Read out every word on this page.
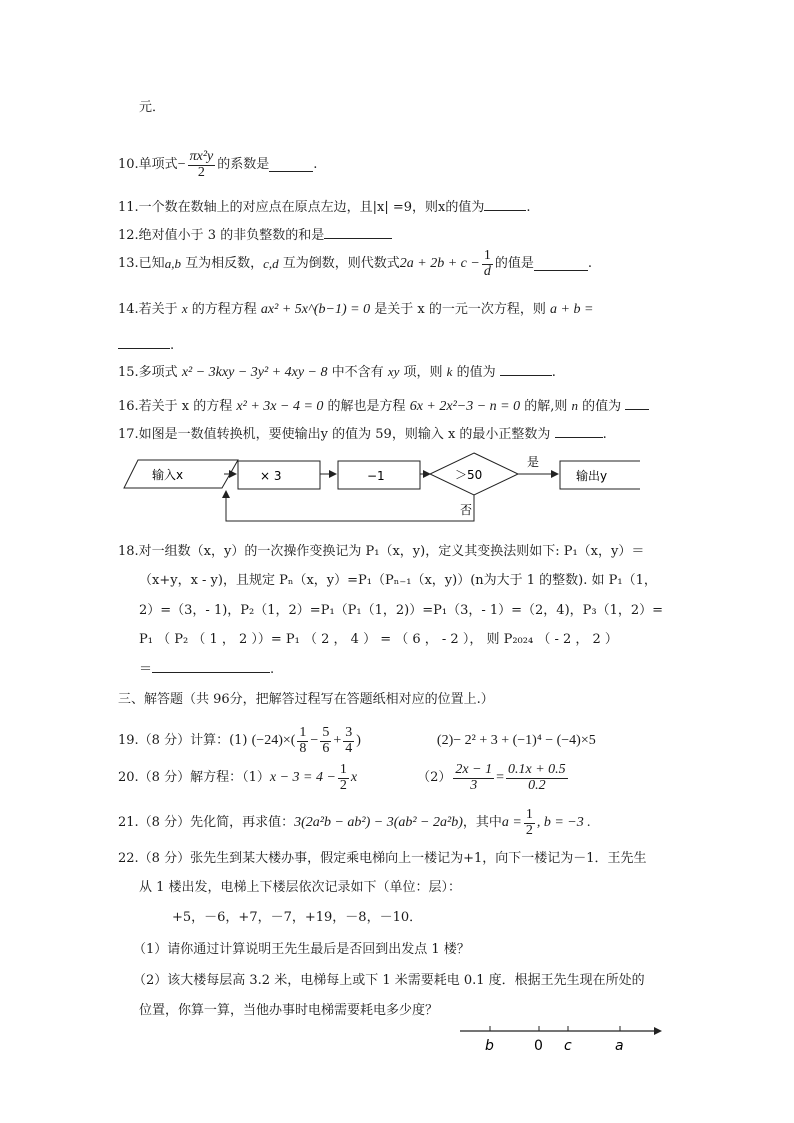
元．
10.单项式 − $\frac{\text{πx²y}}{2}$ 的系数是	.
11.一个数在数轴上的对应点在原点左边，且|x| =9，则x的值为	.
12.绝对值小于 3 的非负整数的和是
13.已知 a,b
互为相反数， c,d
互为倒数，则代数式 $2a + 2b + c - \frac{1}{d}$ 的值是	.
14.若关于 x 的方程方程 ax² + 5x^(b−1) = 0 是关于 x 的一元一次方程，则 a + b =
.
15.多项式 x² − 3kxy − 3y² + 4xy − 8 中不含有 xy 项，则 k 的值为	.
16.若关于 x 的方程 x² + 3x − 4 = 0 的解也是方程 6x + 2x²−3 − n = 0 的解,则 n 的值为
17.如图是一数值转换机，要使输出y 的值为 59，则输入 x 的最小正整数为	.
输入x	× 3	−1	＞50
是
输出y
否
18.对一组数（x，y）的一次操作变换记为 P₁（x，y)，定义其变换法则如下: P₁（x，y）＝
（x+y，x - y)，且规定 Pₙ（x，y）=P₁（Pₙ₋₁（x，y)）(n为大于 1 的整数). 如 P₁（1，
2）=（3，- 1)，P₂（1，2）=P₁（P₁（1，2)）=P₁（3，- 1）=（2，4)，P₃（1，2）=
P₁ （ P₂ （ 1 ， 2 ））= P₁ （ 2 ， 4 ） = （ 6 ， - 2 ）， 则 P₂₀₂₄ （ - 2 ， 2 ）
＝	.
三、解答题（共 96分，把解答过程写在答题纸相对应的位置上.）
19.（8 分）计算：(1)
$(-24)\times( \frac{1}{8} - \frac{5}{6} + \frac{3}{4}$ )	(2)− 2² + 3 + (−1)⁴ − (−4)×5
20.（8 分）解方程：（1） $x - 3 = 4 - \frac{1}{2}$ x	$(2) \frac{2x - 1}{3} = \frac{0.1x + 0.5}{0.2}$
21.（8 分）先化简，再求值： 3(2a²b − ab²) − 3(ab² − 2a²b) ，其中 $a = \frac{1}{2}$ , b = −3 .
22.（8 分）张先生到某大楼办事，假定乘电梯向上一楼记为+1，向下一楼记为－1．王先生
从 1 楼出发，电梯上下楼层依次记录如下（单位：层）：
+5，－6，+7，－7，+19，－8，－10．
（1）请你通过计算说明王先生最后是否回到出发点 1 楼？
（2）该大楼每层高 3.2 米，电梯每上或下 1 米需要耗电 0.1 度．根据王先生现在所处的
位置，你算一算，当他办事时电梯需要耗电多少度？
b	0 c	a
